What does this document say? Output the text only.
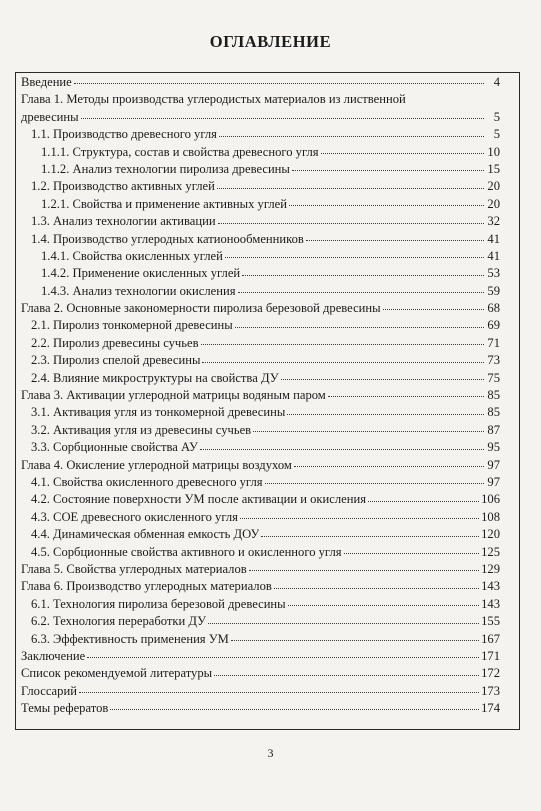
ОГЛАВЛЕНИЕ
Введение	4
Глава 1. Методы производства углеродистых материалов из лиственной
древесины	5
1.1. Производство древесного угля	5
1.1.1. Структура, состав и свойства древесного угля	10
1.1.2. Анализ технологии пиролиза древесины	15
1.2. Производство активных углей	20
1.2.1. Свойства и применение активных углей	20
1.3. Анализ технологии активации	32
1.4. Производство углеродных катионообменников	41
1.4.1. Свойства окисленных углей	41
1.4.2. Применение окисленных углей	53
1.4.3. Анализ технологии окисления	59
Глава 2. Основные закономерности пиролиза березовой древесины	68
2.1. Пиролиз тонкомерной древесины	69
2.2. Пиролиз древесины сучьев	71
2.3. Пиролиз спелой древесины	73
2.4. Влияние микроструктуры на свойства ДУ	75
Глава 3. Активации углеродной матрицы водяным паром	85
3.1. Активация угля из тонкомерной древесины	85
3.2. Активация угля из древесины сучьев	87
3.3. Сорбционные свойства АУ	95
Глава 4. Окисление углеродной матрицы воздухом	97
4.1. Свойства окисленного древесного угля	97
4.2. Состояние поверхности УМ после активации и окисления	106
4.3. СОЕ древесного окисленного угля	108
4.4. Динамическая обменная емкость ДОУ	120
4.5. Сорбционные свойства активного и окисленного угля	125
Глава 5. Свойства углеродных материалов	129
Глава 6. Производство углеродных материалов	143
6.1. Технология пиролиза березовой древесины	143
6.2. Технология переработки ДУ	155
6.3. Эффективность применения УМ	167
Заключение	171
Список рекомендуемой литературы	172
Глоссарий	173
Темы рефератов	174
3
